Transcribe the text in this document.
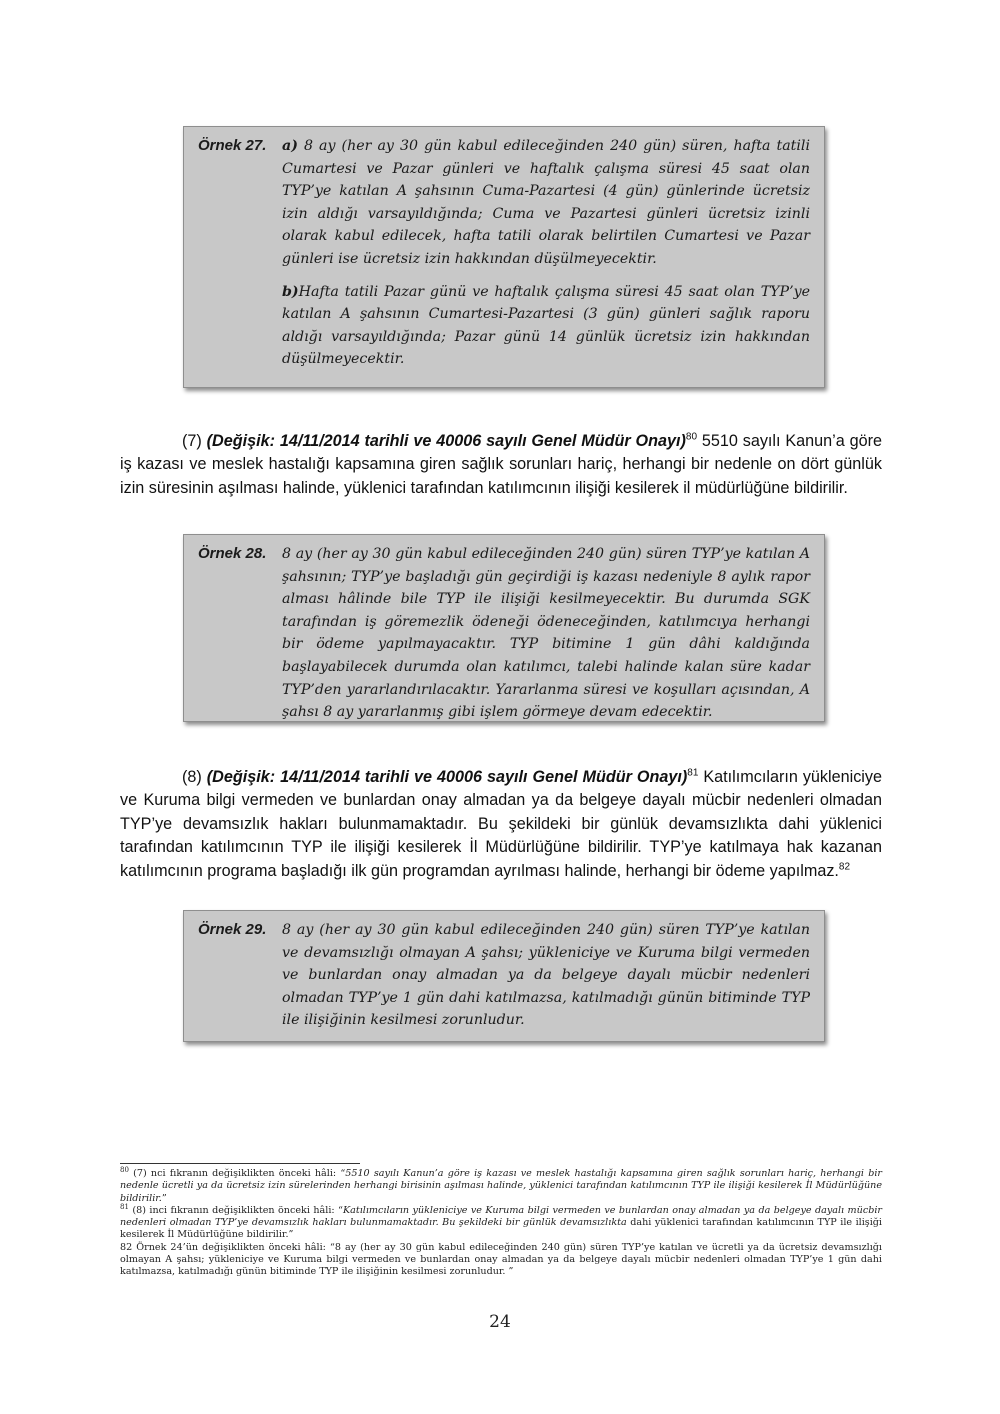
Örnek 27.	a) 8 ay (her ay 30 gün kabul edileceğinden 240 gün) süren, hafta tatili Cumartesi ve Pazar günleri ve haftalık çalışma süresi 45 saat olan TYP’ye katılan A şahsının Cuma-Pazartesi (4 gün) günlerinde ücretsiz izin aldığı varsayıldığında; Cuma ve Pazartesi günleri ücretsiz izinli olarak kabul edilecek, hafta tatili olarak belirtilen Cumartesi ve Pazar günleri ise ücretsiz izin hakkından düşülmeyecektir.

b)Hafta tatili Pazar günü ve haftalık çalışma süresi 45 saat olan TYP’ye katılan A şahsının Cumartesi-Pazartesi (3 gün) günleri sağlık raporu aldığı varsayıldığında; Pazar günü 14 günlük ücretsiz izin hakkından düşülmeyecektir.

(7) (Değişik: 14/11/2014 tarihli ve 40006 sayılı Genel Müdür Onayı)$^{80}$ 5510 sayılı Kanun’a göre iş kazası ve meslek hastalığı kapsamına giren sağlık sorunları hariç, herhangi bir nedenle on dört günlük izin süresinin aşılması halinde, yüklenici tarafından katılımcının ilişiği kesilerek il müdürlüğüne bildirilir.

Örnek 28.	8 ay (her ay 30 gün kabul edileceğinden 240 gün) süren TYP’ye katılan A şahsının; TYP’ye başladığı gün geçirdiği iş kazası nedeniyle 8 aylık rapor alması hâlinde bile TYP ile ilişiği kesilmeyecektir. Bu durumda SGK tarafından iş göremezlik ödeneği ödeneceğinden, katılımcıya herhangi bir ödeme yapılmayacaktır. TYP bitimine 1 gün dâhi kaldığında başlayabilecek durumda olan katılımcı, talebi halinde kalan süre kadar TYP’den yararlandırılacaktır. Yararlanma süresi ve koşulları açısından, A şahsı 8 ay yararlanmış gibi işlem görmeye devam edecektir.

(8) (Değişik: 14/11/2014 tarihli ve 40006 sayılı Genel Müdür Onayı)$^{81}$ Katılımcıların yükleniciye ve Kuruma bilgi vermeden ve bunlardan onay almadan ya da belgeye dayalı mücbir nedenleri olmadan TYP’ye devamsızlık hakları bulunmamaktadır. Bu şekildeki bir günlük devamsızlıkta dahi yüklenici tarafından katılımcının TYP ile ilişiği kesilerek İl Müdürlüğüne bildirilir. TYP’ye katılmaya hak kazanan katılımcının programa başladığı ilk gün programdan ayrılması halinde, herhangi bir ödeme yapılmaz.$^{82}$

Örnek 29.	8 ay (her ay 30 gün kabul edileceğinden 240 gün) süren TYP’ye katılan ve devamsızlığı olmayan A şahsı; yükleniciye ve Kuruma bilgi vermeden ve bunlardan onay almadan ya da belgeye dayalı mücbir nedenleri olmadan TYP’ye 1 gün dahi katılmazsa, katılmadığı günün bitiminde TYP ile ilişiğinin kesilmesi zorunludur.

$^{80}$ (7) nci fıkranın değişiklikten önceki hâli: “5510 sayılı Kanun’a göre iş kazası ve meslek hastalığı kapsamına giren sağlık sorunları hariç, herhangi bir nedenle ücretli ya da ücretsiz izin sürelerinden herhangi birisinin aşılması halinde, yüklenici tarafından katılımcının TYP ile ilişiği kesilerek İl Müdürlüğüne bildirilir.”

$^{81}$ (8) inci fıkranın değişiklikten önceki hâli: “Katılımcıların yükleniciye ve Kuruma bilgi vermeden ve bunlardan onay almadan ya da belgeye dayalı mücbir nedenleri olmadan TYP’ye devamsızlık hakları bulunmamaktadır. Bu şekildeki bir günlük devamsızlıkta dahi yüklenici tarafından katılımcının TYP ile ilişiği kesilerek İl Müdürlüğüne bildirilir.”

82 Örnek 24’ün değişiklikten önceki hâli: “8 ay (her ay 30 gün kabul edileceğinden 240 gün) süren TYP’ye katılan ve ücretli ya da ücretsiz devamsızlığı olmayan A şahsı; yükleniciye ve Kuruma bilgi vermeden ve bunlardan onay almadan ya da belgeye dayalı mücbir nedenleri olmadan TYP’ye 1 gün dahi katılmazsa, katılmadığı günün bitiminde TYP ile ilişiğinin kesilmesi zorunludur. ”

24
